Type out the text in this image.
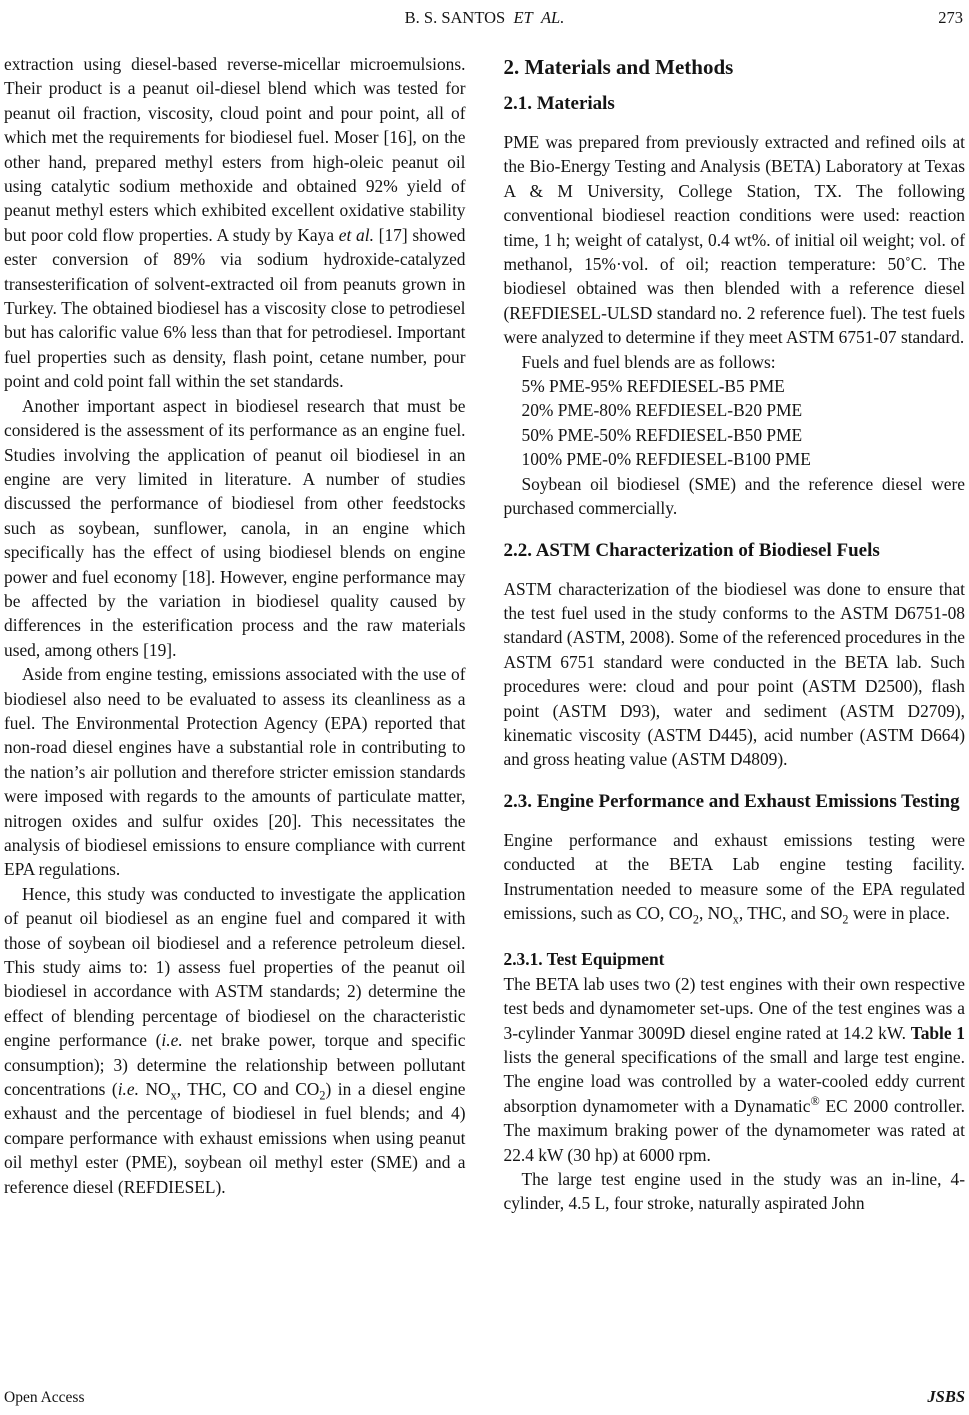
B. S. SANTOS  ET  AL.	273

extraction using diesel-based reverse-micellar microemulsions. Their product is a peanut oil-diesel blend which was tested for peanut oil fraction, viscosity, cloud point and pour point, all of which met the requirements for biodiesel fuel. Moser [16], on the other hand, prepared methyl esters from high-oleic peanut oil using catalytic sodium methoxide and obtained 92% yield of peanut methyl esters which exhibited excellent oxidative stability but poor cold flow properties. A study by Kaya et al. [17] showed ester conversion of 89% via sodium hydroxide-catalyzed transesterification of solvent-extracted oil from peanuts grown in Turkey. The obtained biodiesel has a viscosity close to petrodiesel but has calorific value 6% less than that for petrodiesel. Important fuel properties such as density, flash point, cetane number, pour point and cold point fall within the set standards.

Another important aspect in biodiesel research that must be considered is the assessment of its performance as an engine fuel. Studies involving the application of peanut oil biodiesel in an engine are very limited in literature. A number of studies discussed the performance of biodiesel from other feedstocks such as soybean, sunflower, canola, in an engine which specifically has the effect of using biodiesel blends on engine power and fuel economy [18]. However, engine performance may be affected by the variation in biodiesel quality caused by differences in the esterification process and the raw materials used, among others [19].

Aside from engine testing, emissions associated with the use of biodiesel also need to be evaluated to assess its cleanliness as a fuel. The Environmental Protection Agency (EPA) reported that non-road diesel engines have a substantial role in contributing to the nation’s air pollution and therefore stricter emission standards were imposed with regards to the amounts of particulate matter, nitrogen oxides and sulfur oxides [20]. This necessitates the analysis of biodiesel emissions to ensure compliance with current EPA regulations.

Hence, this study was conducted to investigate the application of peanut oil biodiesel as an engine fuel and compared it with those of soybean oil biodiesel and a reference petroleum diesel. This study aims to: 1) assess fuel properties of the peanut oil biodiesel in accordance with ASTM standards; 2) determine the effect of blending percentage of biodiesel on the characteristic engine performance (i.e. net brake power, torque and specific consumption); 3) determine the relationship between pollutant concentrations (i.e. $NO_x$, THC, CO and $CO_2$) in a diesel engine exhaust and the percentage of biodiesel in fuel blends; and 4) compare performance with exhaust emissions when using peanut oil methyl ester (PME), soybean oil methyl ester (SME) and a reference diesel (REFDIESEL).

2. Materials and Methods
2.1. Materials

PME was prepared from previously extracted and refined oils at the Bio-Energy Testing and Analysis (BETA) Laboratory at Texas A & M University, College Station, TX. The following conventional biodiesel reaction conditions were used: reaction time, 1 h; weight of catalyst, 0.4 wt%. of initial oil weight; vol. of methanol, 15%·vol. of oil; reaction temperature: 50˚C. The biodiesel obtained was then blended with a reference diesel (REFDIESEL-ULSD standard no. 2 reference fuel). The test fuels were analyzed to determine if they meet ASTM 6751-07 standard.

Fuels and fuel blends are as follows:
5% PME-95% REFDIESEL-B5 PME
20% PME-80% REFDIESEL-B20 PME
50% PME-50% REFDIESEL-B50 PME
100% PME-0% REFDIESEL-B100 PME

Soybean oil biodiesel (SME) and the reference diesel were purchased commercially.

2.2. ASTM Characterization of Biodiesel Fuels

ASTM characterization of the biodiesel was done to ensure that the test fuel used in the study conforms to the ASTM D6751-08 standard (ASTM, 2008). Some of the referenced procedures in the ASTM 6751 standard were conducted in the BETA lab. Such procedures were: cloud and pour point (ASTM D2500), flash point (ASTM D93), water and sediment (ASTM D2709), kinematic viscosity (ASTM D445), acid number (ASTM D664) and gross heating value (ASTM D4809).

2.3. Engine Performance and Exhaust Emissions Testing

Engine performance and exhaust emissions testing were conducted at the BETA Lab engine testing facility. Instrumentation needed to measure some of the EPA regulated emissions, such as CO, $CO_2$, $NO_x$, THC, and $SO_2$ were in place.

2.3.1. Test Equipment

The BETA lab uses two (2) test engines with their own respective test beds and dynamometer set-ups. One of the test engines was a 3-cylinder Yanmar 3009D diesel engine rated at 14.2 kW. Table 1 lists the general specifications of the small and large test engine. The engine load was controlled by a water-cooled eddy current absorption dynamometer with a Dynamatic® EC 2000 controller. The maximum braking power of the dynamometer was rated at 22.4 kW (30 hp) at 6000 rpm.

The large test engine used in the study was an in-line, 4-cylinder, 4.5 L, four stroke, naturally aspirated John

Open Access	JSBS
